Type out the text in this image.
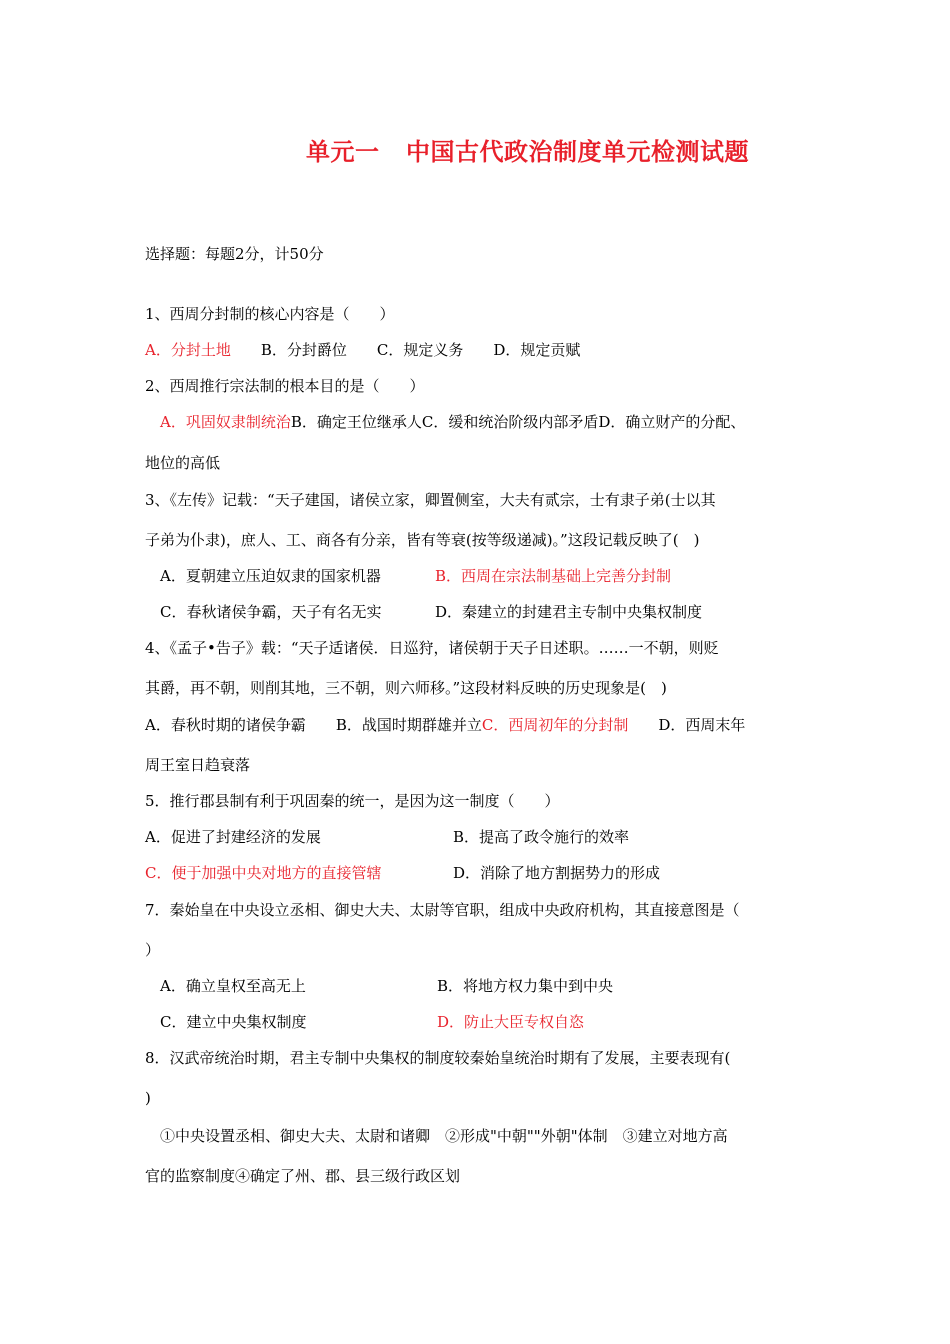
单元一   中国古代政治制度单元检测试题
选择题：每题2分，计50分
1、西周分封制的核心内容是（　　）
A．分封土地　　B．分封爵位　　C．规定义务　　D．规定贡赋
2、西周推行宗法制的根本目的是（　　）
A．巩固奴隶制统治B．确定王位继承人C．缓和统治阶级内部矛盾D．确立财产的分配、
地位的高低
3、《左传》记载：“天子建国，诸侯立家，卿置侧室，大夫有贰宗，士有隶子弟(士以其
子弟为仆隶)，庶人、工、商各有分亲，皆有等衰(按等级递减)。”这段记载反映了(　)
A．夏朝建立压迫奴隶的国家机器	B．西周在宗法制基础上完善分封制
C．春秋诸侯争霸，天子有名无实	D．秦建立的封建君主专制中央集权制度
4、《孟子•告子》载：“天子适诸侯．日巡狩，诸侯朝于天子日述职。……一不朝，则贬
其爵，再不朝，则削其地，三不朝，则六师移。”这段材料反映的历史现象是(　)
A．春秋时期的诸侯争霸　　B．战国时期群雄并立C．西周初年的分封制　　D．西周末年
周王室日趋衰落
5．推行郡县制有利于巩固秦的统一，是因为这一制度（　　）
A．促进了封建经济的发展	B．提高了政令施行的效率
C．便于加强中央对地方的直接管辖	D．消除了地方割据势力的形成
7．秦始皇在中央设立丞相、御史大夫、太尉等官职，组成中央政府机构，其直接意图是（
）
A．确立皇权至高无上	B．将地方权力集中到中央
C．建立中央集权制度	D．防止大臣专权自恣
8．汉武帝统治时期，君主专制中央集权的制度较秦始皇统治时期有了发展，主要表现有(
)
①中央设置丞相、御史大夫、太尉和诸卿　②形成"中朝""外朝"体制　③建立对地方高
官的监察制度④确定了州、郡、县三级行政区划
